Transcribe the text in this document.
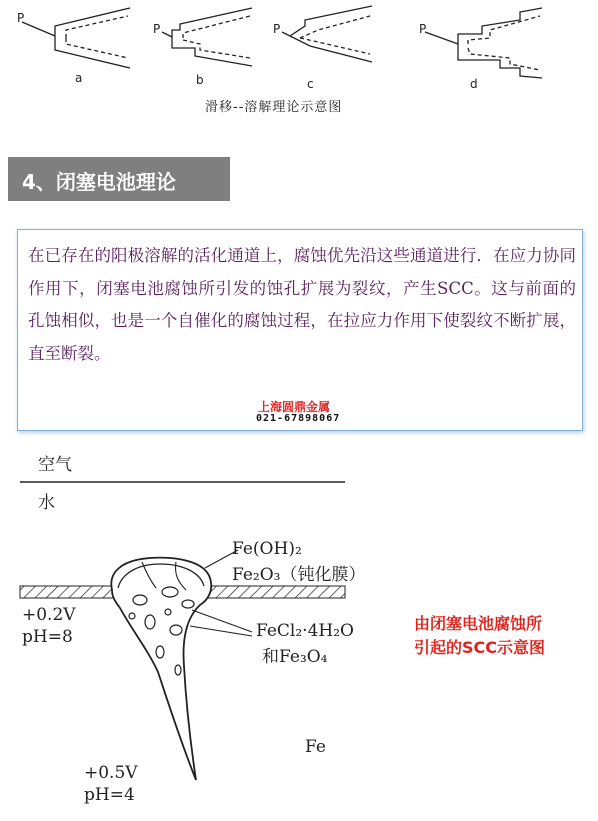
P
P	P	P
a	b	c	d
滑移--溶解理论示意图
4、闭塞电池理论
在已存在的阳极溶解的活化通道上，腐蚀优先沿这些通道进行．在应力协同作用下，闭塞电池腐蚀所引发的蚀孔扩展为裂纹，产生SCC。这与前面的孔蚀相似，也是一个自催化的腐蚀过程，在拉应力作用下使裂纹不断扩展，直至断裂。
上海圆鼎金属
021-67898067
空气
水
Fe(OH)₂
Fe₂O₃（钝化膜）
FeCl₂·4H₂O
和Fe₃O₄
+0.2V
pH=8
+0.5V
pH=4
Fe
由闭塞电池腐蚀所
引起的SCC示意图
